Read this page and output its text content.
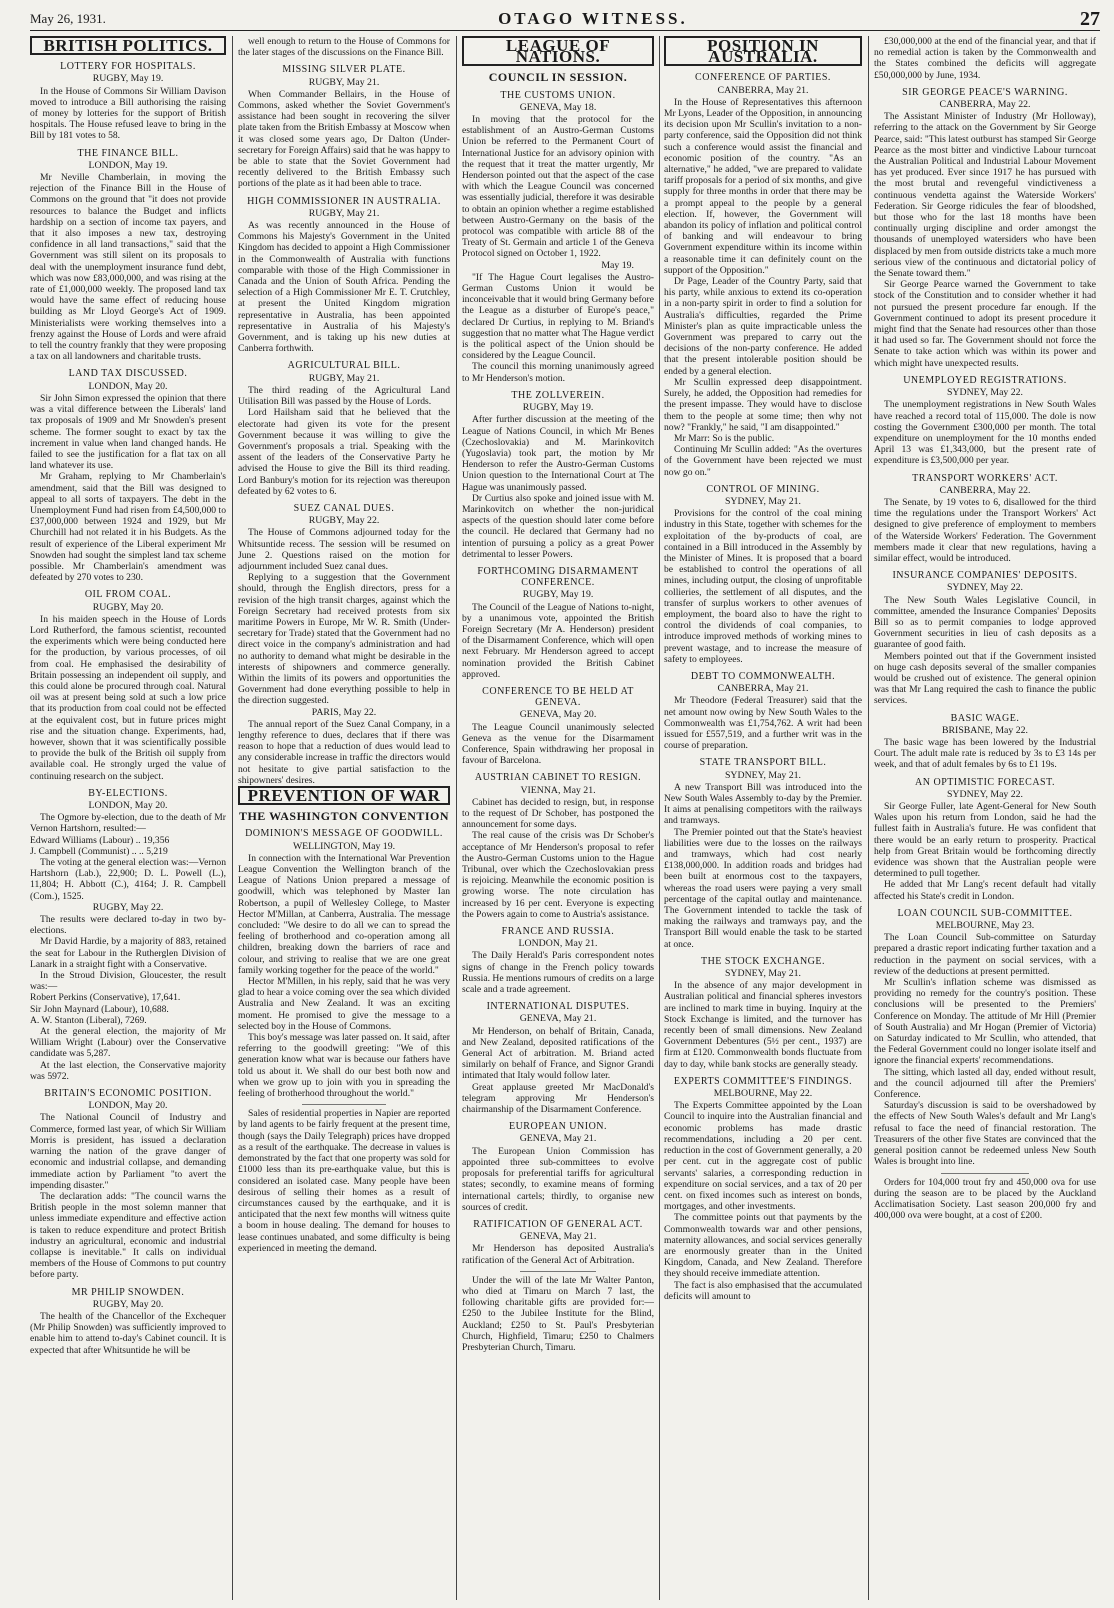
May 26, 1931.	OTAGO WITNESS.	27
BRITISH POLITICS.
LOTTERY FOR HOSPITALS.
RUGBY, May 19.

In the House of Commons Sir William Davison moved to introduce a Bill authorising the raising of money by lotteries for the support of British hospitals. The House refused leave to bring in the Bill by 181 votes to 58.

THE FINANCE BILL.
LONDON, May 19.

Mr Neville Chamberlain, in moving the rejection of the Finance Bill in the House of Commons on the ground that "it does not provide resources to balance the Budget and inflicts hardship on a section of income tax payers, and that it also imposes a new tax, destroying confidence in all land transactions," said that the Government was still silent on its proposals to deal with the unemployment insurance fund debt, which was now £83,000,000, and was rising at the rate of £1,000,000 weekly. The proposed land tax would have the same effect of reducing house building as Mr Lloyd George's Act of 1909. Ministerialists were working themselves into a frenzy against the House of Lords and were afraid to tell the country frankly that they were proposing a tax on all landowners and charitable trusts.

LAND TAX DISCUSSED.
LONDON, May 20.

Sir John Simon expressed the opinion that there was a vital difference between the Liberals' land tax proposals of 1909 and Mr Snowden's present scheme. The former sought to exact by tax the increment in value when land changed hands. He failed to see the justification for a flat tax on all land whatever its use.

Mr Graham, replying to Mr Chamberlain's amendment, said that the Bill was designed to appeal to all sorts of taxpayers. The debt in the Unemployment Fund had risen from £4,500,000 to £37,000,000 between 1924 and 1929, but Mr Churchill had not related it in his Budgets. As the result of experience of the Liberal experiment Mr Snowden had sought the simplest land tax scheme possible. Mr Chamberlain's amendment was defeated by 270 votes to 230.

OIL FROM COAL.
RUGBY, May 20.

In his maiden speech in the House of Lords Lord Rutherford, the famous scientist, recounted the experiments which were being conducted here for the production, by various processes, of oil from coal. He emphasised the desirability of Britain possessing an independent oil supply, and this could alone be procured through coal. Natural oil was at present being sold at such a low price that its production from coal could not be effected at the equivalent cost, but in future prices might rise and the situation change. Experiments, had, however, shown that it was scientifically possible to provide the bulk of the British oil supply from available coal. He strongly urged the value of continuing research on the subject.

BY-ELECTIONS.
LONDON, May 20.

The Ogmore by-election, due to the death of Mr Vernon Hartshorn, resulted:—

Edward Williams (Labour) .. 19,356

J. Campbell (Communist) .. .. 5,219

The voting at the general election was:—Vernon Hartshorn (Lab.), 22,900; D. L. Powell (L.), 11,804; H. Abbott (C.), 4164; J. R. Campbell (Com.), 1525.

RUGBY, May 22.

The results were declared to-day in two by-elections.

Mr David Hardie, by a majority of 883, retained the seat for Labour in the Rutherglen Division of Lanark in a straight fight with a Conservative.

In the Stroud Division, Gloucester, the result was:—

Robert Perkins (Conservative), 17,641.

Sir John Maynard (Labour), 10,688.

A. W. Stanton (Liberal), 7269.

At the general election, the majority of Mr William Wright (Labour) over the Conservative candidate was 5,287.

At the last election, the Conservative majority was 5972.

BRITAIN'S ECONOMIC POSITION.
LONDON, May 20.

The National Council of Industry and Commerce, formed last year, of which Sir William Morris is president, has issued a declaration warning the nation of the grave danger of economic and industrial collapse, and demanding immediate action by Parliament "to avert the impending disaster."

The declaration adds: "The council warns the British people in the most solemn manner that unless immediate expenditure and effective action is taken to reduce expenditure and protect British industry an agricultural, economic and industrial collapse is inevitable." It calls on individual members of the House of Commons to put country before party.

MR PHILIP SNOWDEN.
RUGBY, May 20.

The health of the Chancellor of the Exchequer (Mr Philip Snowden) was sufficiently improved to enable him to attend to-day's Cabinet council. It is expected that after Whitsuntide he will be

well enough to return to the House of Commons for the later stages of the discussions on the Finance Bill.

MISSING SILVER PLATE.
RUGBY, May 21.

When Commander Bellairs, in the House of Commons, asked whether the Soviet Government's assistance had been sought in recovering the silver plate taken from the British Embassy at Moscow when it was closed some years ago, Dr Dalton (Under-secretary for Foreign Affairs) said that he was happy to be able to state that the Soviet Government had recently delivered to the British Embassy such portions of the plate as it had been able to trace.

HIGH COMMISSIONER IN AUSTRALIA.
RUGBY, May 21.

As was recently announced in the House of Commons his Majesty's Government in the United Kingdom has decided to appoint a High Commissioner in the Commonwealth of Australia with functions comparable with those of the High Commissioner in Canada and the Union of South Africa. Pending the selection of a High Commissioner Mr E. T. Crutchley, at present the United Kingdom migration representative in Australia, has been appointed representative in Australia of his Majesty's Government, and is taking up his new duties at Canberra forthwith.

AGRICULTURAL BILL.
RUGBY, May 21.

The third reading of the Agricultural Land Utilisation Bill was passed by the House of Lords.

Lord Hailsham said that he believed that the electorate had given its vote for the present Government because it was willing to give the Government's proposals a trial. Speaking with the assent of the leaders of the Conservative Party he advised the House to give the Bill its third reading. Lord Banbury's motion for its rejection was thereupon defeated by 62 votes to 6.

SUEZ CANAL DUES.
RUGBY, May 22.

The House of Commons adjourned today for the Whitsuntide recess. The session will be resumed on June 2. Questions raised on the motion for adjournment included Suez canal dues.

Replying to a suggestion that the Government should, through the English directors, press for a revision of the high transit charges, against which the Foreign Secretary had received protests from six maritime Powers in Europe, Mr W. R. Smith (Under-secretary for Trade) stated that the Government had no direct voice in the company's administration and had no authority to demand what might be desirable in the interests of shipowners and commerce generally. Within the limits of its powers and opportunities the Government had done everything possible to help in the direction suggested.

PARIS, May 22.

The annual report of the Suez Canal Company, in a lengthy reference to dues, declares that if there was reason to hope that a reduction of dues would lead to any considerable increase in traffic the directors would not hesitate to give partial satisfaction to the shipowners' desires.

PREVENTION OF WAR
THE WASHINGTON CONVENTION
DOMINION'S MESSAGE OF GOODWILL.
WELLINGTON, May 19.

In connection with the International War Prevention League Convention the Wellington branch of the League of Nations Union prepared a message of goodwill, which was telephoned by Master Ian Robertson, a pupil of Wellesley College, to Master Hector M'Millan, at Canberra, Australia. The message concluded: "We desire to do all we can to spread the feeling of brotherhood and co-operation among all children, breaking down the barriers of race and colour, and striving to realise that we are one great family working together for the peace of the world."

Hector M'Millen, in his reply, said that he was very glad to hear a voice coming over the sea which divided Australia and New Zealand. It was an exciting moment. He promised to give the message to a selected boy in the House of Commons.

This boy's message was later passed on. It said, after referring to the goodwill greeting: "We of this generation know what war is because our fathers have told us about it. We shall do our best both now and when we grow up to join with you in spreading the feeling of brotherhood throughout the world."

Sales of residential properties in Napier are reported by land agents to be fairly frequent at the present time, though (says the Daily Telegraph) prices have dropped as a result of the earthquake. The decrease in values is demonstrated by the fact that one property was sold for £1000 less than its pre-earthquake value, but this is considered an isolated case. Many people have been desirous of selling their homes as a result of circumstances caused by the earthquake, and it is anticipated that the next few months will witness quite a boom in house dealing. The demand for houses to lease continues unabated, and some difficulty is being experienced in meeting the demand.

LEAGUE OF NATIONS.
COUNCIL IN SESSION.
THE CUSTOMS UNION.
GENEVA, May 18.

In moving that the protocol for the establishment of an Austro-German Customs Union be referred to the Permanent Court of International Justice for an advisory opinion with the request that it treat the matter urgently, Mr Henderson pointed out that the aspect of the case with which the League Council was concerned was essentially judicial, therefore it was desirable to obtain an opinion whether a regime established between Austro-Germany on the basis of the protocol was compatible with article 88 of the Treaty of St. Germain and article 1 of the Geneva Protocol signed on October 1, 1922.

May 19.

"If The Hague Court legalises the Austro-German Customs Union it would be inconceivable that it would bring Germany before the League as a disturber of Europe's peace," declared Dr Curtius, in replying to M. Briand's suggestion that no matter what The Hague verdict is the political aspect of the Union should be considered by the League Council.

The council this morning unanimously agreed to Mr Henderson's motion.

THE ZOLLVEREIN.
RUGBY, May 19.

After further discussion at the meeting of the League of Nations Council, in which Mr Benes (Czechoslovakia) and M. Marinkovitch (Yugoslavia) took part, the motion by Mr Henderson to refer the Austro-German Customs Union question to the International Court at The Hague was unanimously passed.

Dr Curtius also spoke and joined issue with M. Marinkovitch on whether the non-juridical aspects of the question should later come before the council. He declared that Germany had no intention of pursuing a policy as a great Power detrimental to lesser Powers.

FORTHCOMING DISARMAMENT CONFERENCE.
RUGBY, May 19.

The Council of the League of Nations to-night, by a unanimous vote, appointed the British Foreign Secretary (Mr A. Henderson) president of the Disarmament Conference, which will open next February. Mr Henderson agreed to accept nomination provided the British Cabinet approved.

CONFERENCE TO BE HELD AT GENEVA.
GENEVA, May 20.

The League Council unanimously selected Geneva as the venue for the Disarmament Conference, Spain withdrawing her proposal in favour of Barcelona.

AUSTRIAN CABINET TO RESIGN.
VIENNA, May 21.

Cabinet has decided to resign, but, in response to the request of Dr Schober, has postponed the announcement for some days.

The real cause of the crisis was Dr Schober's acceptance of Mr Henderson's proposal to refer the Austro-German Customs union to the Hague Tribunal, over which the Czechoslovakian press is rejoicing. Meanwhile the economic position is growing worse. The note circulation has increased by 16 per cent. Everyone is expecting the Powers again to come to Austria's assistance.

FRANCE AND RUSSIA.
LONDON, May 21.

The Daily Herald's Paris correspondent notes signs of change in the French policy towards Russia. He mentions rumours of credits on a large scale and a trade agreement.

INTERNATIONAL DISPUTES.
GENEVA, May 21.

Mr Henderson, on behalf of Britain, Canada, and New Zealand, deposited ratifications of the General Act of arbitration. M. Briand acted similarly on behalf of France, and Signor Grandi intimated that Italy would follow later.

Great applause greeted Mr MacDonald's telegram approving Mr Henderson's chairmanship of the Disarmament Conference.

EUROPEAN UNION.
GENEVA, May 21.

The European Union Commission has appointed three sub-committees to evolve proposals for preferential tariffs for agricultural states; secondly, to examine means of forming international cartels; thirdly, to organise new sources of credit.

RATIFICATION OF GENERAL ACT.
GENEVA, May 21.

Mr Henderson has deposited Australia's ratification of the General Act of Arbitration.

Under the will of the late Mr Walter Panton, who died at Timaru on March 7 last, the following charitable gifts are provided for:—£250 to the Jubilee Institute for the Blind, Auckland; £250 to St. Paul's Presbyterian Church, Highfield, Timaru; £250 to Chalmers Presbyterian Church, Timaru.

POSITION IN AUSTRALIA.
CONFERENCE OF PARTIES.
CANBERRA, May 21.

In the House of Representatives this afternoon Mr Lyons, Leader of the Opposition, in announcing its decision upon Mr Scullin's invitation to a non-party conference, said the Opposition did not think such a conference would assist the financial and economic position of the country. "As an alternative," he added, "we are prepared to validate tariff proposals for a period of six months, and give supply for three months in order that there may be a prompt appeal to the people by a general election. If, however, the Government will abandon its policy of inflation and political control of banking and will endeavour to bring Government expenditure within its income within a reasonable time it can definitely count on the support of the Opposition."

Dr Page, Leader of the Country Party, said that his party, while anxious to extend its co-operation in a non-party spirit in order to find a solution for Australia's difficulties, regarded the Prime Minister's plan as quite impracticable unless the Government was prepared to carry out the decisions of the non-party conference. He added that the present intolerable position should be ended by a general election.

Mr Scullin expressed deep disappointment. Surely, he added, the Opposition had remedies for the present impasse. They would have to disclose them to the people at some time; then why not now? "Frankly," he said, "I am disappointed."

Mr Marr: So is the public.

Continuing Mr Scullin added: "As the overtures of the Government have been rejected we must now go on."

CONTROL OF MINING.
SYDNEY, May 21.

Provisions for the control of the coal mining industry in this State, together with schemes for the exploitation of the by-products of coal, are contained in a Bill introduced in the Assembly by the Minister of Mines. It is proposed that a board be established to control the operations of all mines, including output, the closing of unprofitable collieries, the settlement of all disputes, and the transfer of surplus workers to other avenues of employment, the board also to have the right to control the dividends of coal companies, to introduce improved methods of working mines to prevent wastage, and to increase the measure of safety to employees.

DEBT TO COMMONWEALTH.
CANBERRA, May 21.

Mr Theodore (Federal Treasurer) said that the net amount now owing by New South Wales to the Commonwealth was £1,754,762. A writ had been issued for £557,519, and a further writ was in the course of preparation.

STATE TRANSPORT BILL.
SYDNEY, May 21.

A new Transport Bill was introduced into the New South Wales Assembly to-day by the Premier. It aims at penalising competitors with the railways and tramways.

The Premier pointed out that the State's heaviest liabilities were due to the losses on the railways and tramways, which had cost nearly £138,000,000. In addition roads and bridges had been built at enormous cost to the taxpayers, whereas the road users were paying a very small percentage of the capital outlay and maintenance. The Government intended to tackle the task of making the railways and tramways pay, and the Transport Bill would enable the task to be started at once.

THE STOCK EXCHANGE.
SYDNEY, May 21.

In the absence of any major development in Australian political and financial spheres investors are inclined to mark time in buying. Inquiry at the Stock Exchange is limited, and the turnover has recently been of small dimensions. New Zealand Government Debentures (5½ per cent., 1937) are firm at £120. Commonwealth bonds fluctuate from day to day, while bank stocks are generally steady.

EXPERTS COMMITTEE'S FINDINGS.
MELBOURNE, May 22.

The Experts Committee appointed by the Loan Council to inquire into the Australian financial and economic problems has made drastic recommendations, including a 20 per cent. reduction in the cost of Government generally, a 20 per cent. cut in the aggregate cost of public servants' salaries, a corresponding reduction in expenditure on social services, and a tax of 20 per cent. on fixed incomes such as interest on bonds, mortgages, and other investments.

The committee points out that payments by the Commonwealth towards war and other pensions, maternity allowances, and social services generally are enormously greater than in the United Kingdom, Canada, and New Zealand. Therefore they should receive immediate attention.

The fact is also emphasised that the accumulated deficits will amount to

£30,000,000 at the end of the financial year, and that if no remedial action is taken by the Commonwealth and the States combined the deficits will aggregate £50,000,000 by June, 1934.

SIR GEORGE PEACE'S WARNING.
CANBERRA, May 22.

The Assistant Minister of Industry (Mr Holloway), referring to the attack on the Government by Sir George Pearce, said: "This latest outburst has stamped Sir George Pearce as the most bitter and vindictive Labour turncoat the Australian Political and Industrial Labour Movement has yet produced. Ever since 1917 he has pursued with the most brutal and revengeful vindictiveness a continuous vendetta against the Waterside Workers' Federation. Sir George ridicules the fear of bloodshed, but those who for the last 18 months have been continually urging discipline and order amongst the thousands of unemployed watersiders who have been displaced by men from outside districts take a much more serious view of the continuous and dictatorial policy of the Senate toward them."

Sir George Pearce warned the Government to take stock of the Constitution and to consider whether it had not pursued the present procedure far enough. If the Government continued to adopt its present procedure it might find that the Senate had resources other than those it had used so far. The Government should not force the Senate to take action which was within its power and which might have unexpected results.

UNEMPLOYED REGISTRATIONS.
SYDNEY, May 22.

The unemployment registrations in New South Wales have reached a record total of 115,000. The dole is now costing the Government £300,000 per month. The total expenditure on unemployment for the 10 months ended April 13 was £1,343,000, but the present rate of expenditure is £3,500,000 per year.

TRANSPORT WORKERS' ACT.
CANBERRA, May 22.

The Senate, by 19 votes to 6, disallowed for the third time the regulations under the Transport Workers' Act designed to give preference of employment to members of the Waterside Workers' Federation. The Government members made it clear that new regulations, having a similar effect, would be introduced.

INSURANCE COMPANIES' DEPOSITS.
SYDNEY, May 22.

The New South Wales Legislative Council, in committee, amended the Insurance Companies' Deposits Bill so as to permit companies to lodge approved Government securities in lieu of cash deposits as a guarantee of good faith.

Members pointed out that if the Government insisted on huge cash deposits several of the smaller companies would be crushed out of existence. The general opinion was that Mr Lang required the cash to finance the public services.

BASIC WAGE.
BRISBANE, May 22.

The basic wage has been lowered by the Industrial Court. The adult male rate is reduced by 3s to £3 14s per week, and that of adult females by 6s to £1 19s.

AN OPTIMISTIC FORECAST.
SYDNEY, May 22.

Sir George Fuller, late Agent-General for New South Wales upon his return from London, said he had the fullest faith in Australia's future. He was confident that there would be an early return to prosperity. Practical help from Great Britain would be forthcoming directly evidence was shown that the Australian people were determined to pull together.

He added that Mr Lang's recent default had vitally affected his State's credit in London.

LOAN COUNCIL SUB-COMMITTEE.
MELBOURNE, May 23.

The Loan Council Sub-committee on Saturday prepared a drastic report indicating further taxation and a reduction in the payment on social services, with a review of the deductions at present permitted.

Mr Scullin's inflation scheme was dismissed as providing no remedy for the country's position. These conclusions will be presented to the Premiers' Conference on Monday. The attitude of Mr Hill (Premier of South Australia) and Mr Hogan (Premier of Victoria) on Saturday indicated to Mr Scullin, who attended, that the Federal Government could no longer isolate itself and ignore the financial experts' recommendations.

The sitting, which lasted all day, ended without result, and the council adjourned till after the Premiers' Conference.

Saturday's discussion is said to be overshadowed by the effects of New South Wales's default and Mr Lang's refusal to face the need of financial restoration. The Treasurers of the other five States are convinced that the general position cannot be redeemed unless New South Wales is brought into line.

Orders for 104,000 trout fry and 450,000 ova for use during the season are to be placed by the Auckland Acclimatisation Society. Last season 200,000 fry and 400,000 ova were bought, at a cost of £200.
